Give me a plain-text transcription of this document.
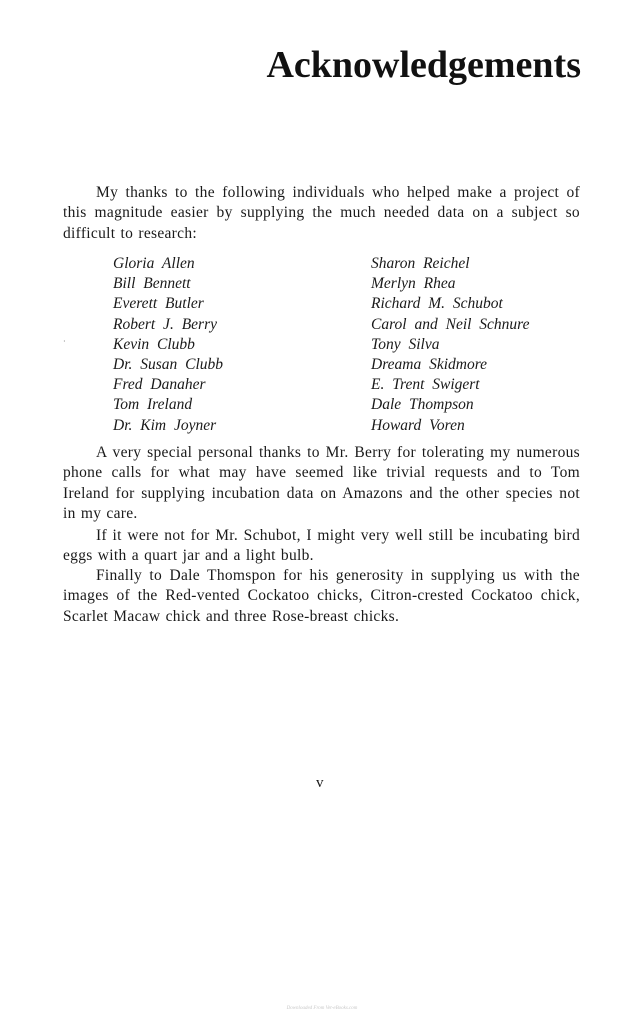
Acknowledgements

My thanks to the following individuals who helped make a project of this magnitude easier by supplying the much needed data on a subject so difficult to research:

·
Gloria Allen
Bill Bennett
Everett Butler
Robert J. Berry
Kevin Clubb
Dr. Susan Clubb
Fred Danaher
Tom Ireland
Dr. Kim Joyner
Sharon Reichel
Merlyn Rhea
Richard M. Schubot
Carol and Neil Schnure
Tony Silva
Dreama Skidmore
E. Trent Swigert
Dale Thompson
Howard Voren

A very special personal thanks to Mr. Berry for tolerating my numerous phone calls for what may have seemed like trivial requests and to Tom Ireland for supplying incubation data on Amazons and the other species not in my care.

If it were not for Mr. Schubot, I might very well still be incubating bird eggs with a quart jar and a light bulb.

Finally to Dale Thomspon for his generosity in supplying us with the images of the Red-vented Cockatoo chicks, Citron-crested Cockatoo chick, Scarlet Macaw chick and three Rose-breast chicks.

v
Downloaded From Vet-eBooks.com
